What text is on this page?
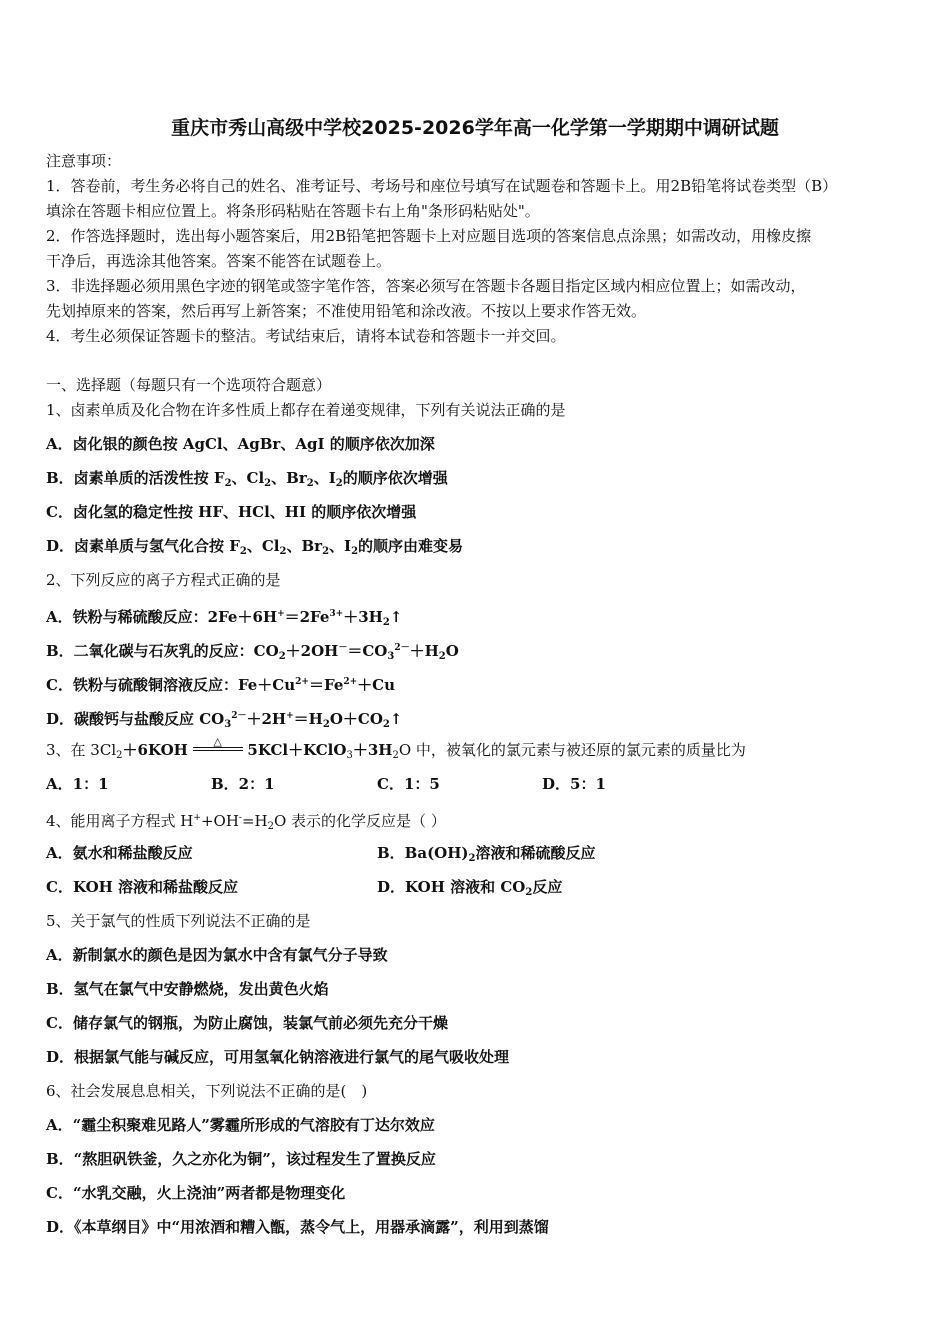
重庆市秀山高级中学校2025-2026学年高一化学第一学期期中调研试题
注意事项：
1．答卷前，考生务必将自己的姓名、准考证号、考场号和座位号填写在试题卷和答题卡上。用2B铅笔将试卷类型（B）
填涂在答题卡相应位置上。将条形码粘贴在答题卡右上角"条形码粘贴处"。
2．作答选择题时，选出每小题答案后，用2B铅笔把答题卡上对应题目选项的答案信息点涂黑；如需改动，用橡皮擦
干净后，再选涂其他答案。答案不能答在试题卷上。
3．非选择题必须用黑色字迹的钢笔或签字笔作答，答案必须写在答题卡各题目指定区域内相应位置上；如需改动，
先划掉原来的答案，然后再写上新答案；不准使用铅笔和涂改液。不按以上要求作答无效。
4．考生必须保证答题卡的整洁。考试结束后，请将本试卷和答题卡一并交回。
一、选择题（每题只有一个选项符合题意）
1、卤素单质及化合物在许多性质上都存在着递变规律，下列有关说法正确的是
A．卤化银的颜色按 AgCl、AgBr、AgI 的顺序依次加深
B．卤素单质的活泼性按 $F_2$、$Cl_2$、$Br_2$、$I_2$的顺序依次增强
C．卤化氢的稳定性按 HF、HCl、HI 的顺序依次增强
D．卤素单质与氢气化合按 $F_2$、$Cl_2$、$Br_2$、$I_2$的顺序由难变易
2、下列反应的离子方程式正确的是
A．铁粉与稀硫酸反应：$2Fe+6H^+=2Fe^{3+}+3H_2↑$
B．二氧化碳与石灰乳的反应：$CO_2+2OH^-=CO_3^{2-}+H_2O$
C．铁粉与硫酸铜溶液反应：$Fe+Cu^{2+}=Fe^{2+}+Cu$
D．碳酸钙与盐酸反应 $CO_3^{2-}+2H^+=H_2O+CO_2↑$
3、在 $3Cl_2+6KOH$	△	$5KCl+KClO_3+3H_2O$ 中，被氧化的氯元素与被还原的氯元素的质量比为
A．1：1	B．2：1	C．1：5	D．5：1
4、能用离子方程式 $H^++OH^-=H_2O$ 表示的化学反应是（ ）
A．氨水和稀盐酸反应	B．$Ba(OH)_2$溶液和稀硫酸反应
C．KOH 溶液和稀盐酸反应	D．KOH 溶液和 $CO_2$反应
5、关于氯气的性质下列说法不正确的是
A．新制氯水的颜色是因为氯水中含有氯气分子导致
B．氢气在氯气中安静燃烧，发出黄色火焰
C．储存氯气的钢瓶，为防止腐蚀，装氯气前必须先充分干燥
D．根据氯气能与碱反应，可用氢氧化钠溶液进行氯气的尾气吸收处理
6、社会发展息息相关，下列说法不正确的是(　)
A．“霾尘积聚难见路人”雾霾所形成的气溶胶有丁达尔效应
B．“熬胆矾铁釜，久之亦化为铜”，该过程发生了置换反应
C．“水乳交融，火上浇油”两者都是物理变化
D．《本草纲目》中“用浓酒和糟入甑，蒸令气上，用器承滴露”，利用到蒸馏
